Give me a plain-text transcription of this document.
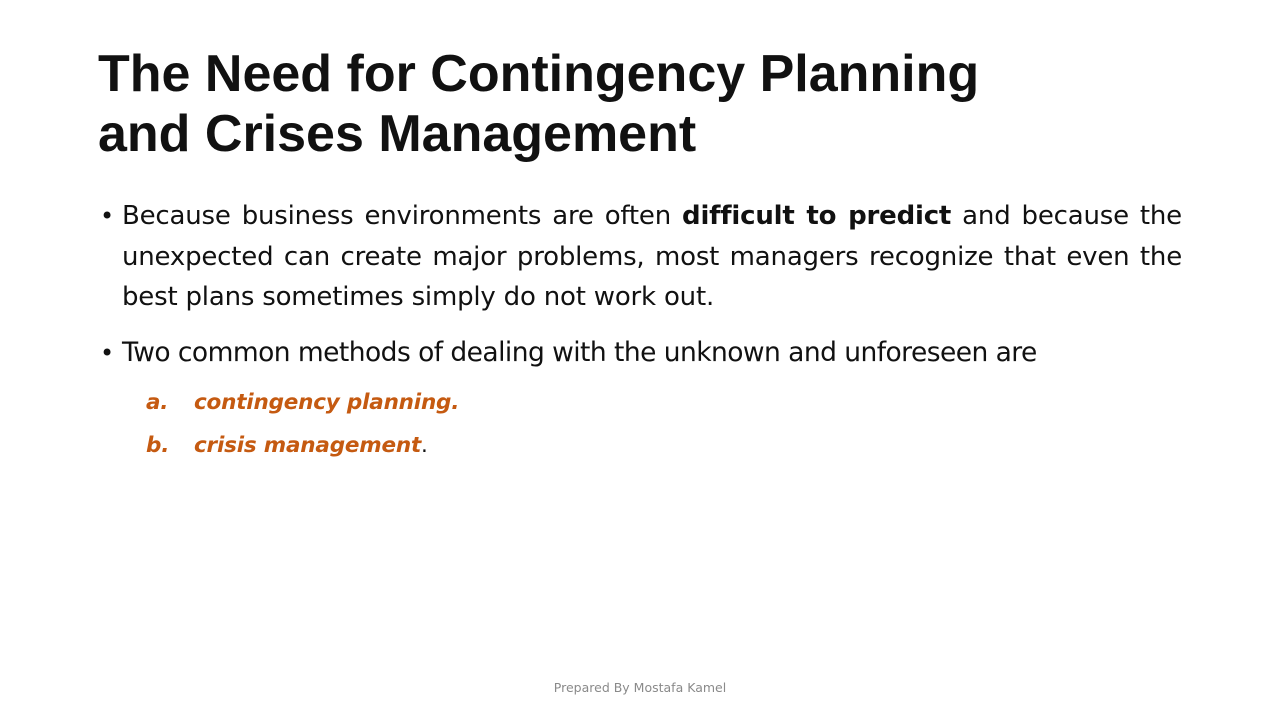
The Need for Contingency Planning
and Crises Management
• Because business environments are often difficult to predict and because the unexpected can create major problems, most managers recognize that even the best plans sometimes simply do not work out.
• Two common methods of dealing with the unknown and unforeseen are
a. contingency planning.
b. crisis management.
Prepared By Mostafa Kamel
